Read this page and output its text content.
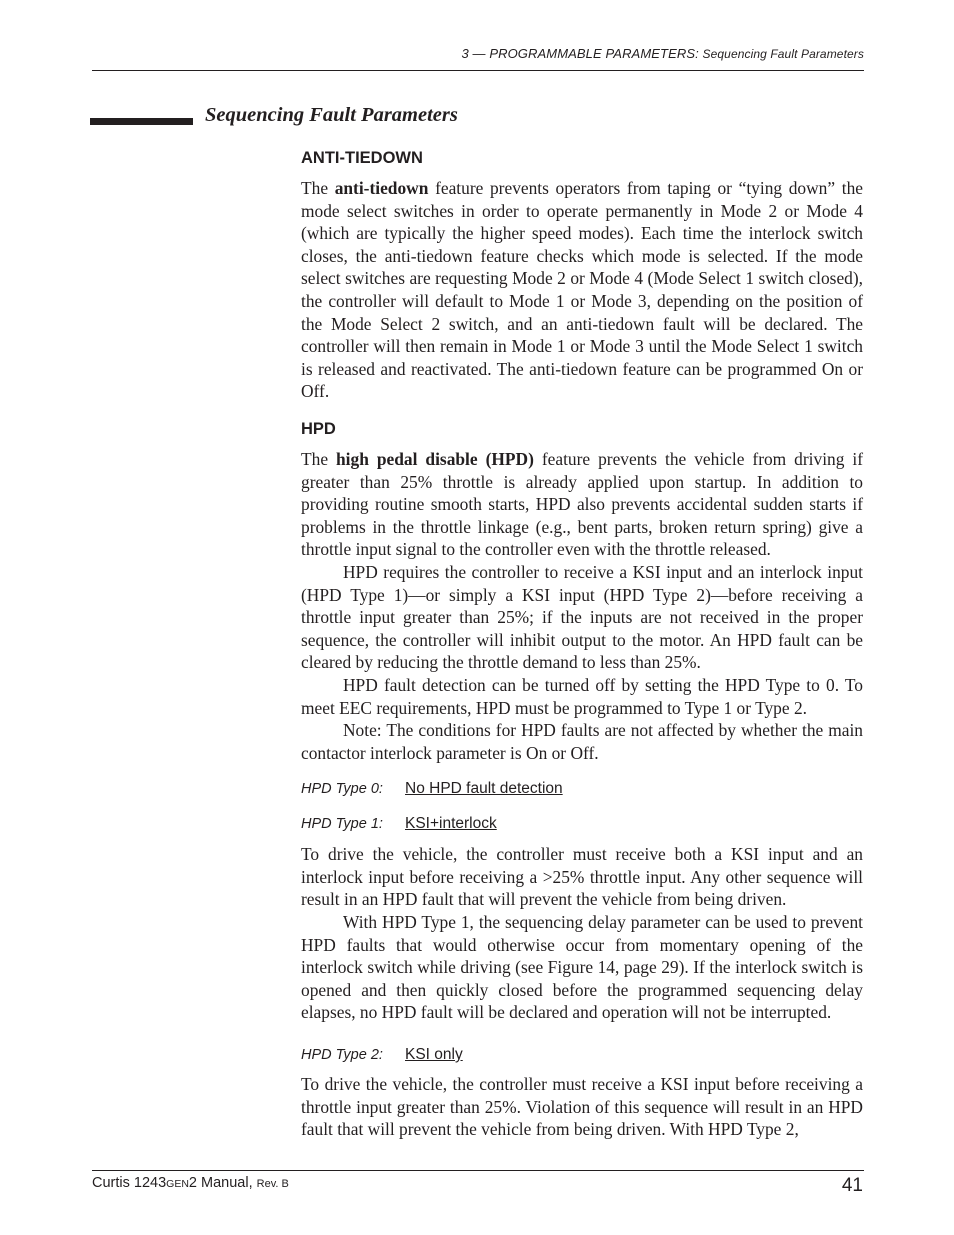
3 — PROGRAMMABLE PARAMETERS: Sequencing Fault Parameters
Sequencing Fault Parameters
ANTI-TIEDOWN

The anti-tiedown feature prevents operators from taping or “tying down” the mode select switches in order to operate permanently in Mode 2 or Mode 4 (which are typically the higher speed modes). Each time the interlock switch closes, the anti-tiedown feature checks which mode is selected. If the mode select switches are requesting Mode 2 or Mode 4 (Mode Select 1 switch closed), the controller will default to Mode 1 or Mode 3, depending on the position of the Mode Select 2 switch, and an anti-tiedown fault will be declared. The controller will then remain in Mode 1 or Mode 3 until the Mode Select 1 switch is released and reactivated. The anti-tiedown feature can be programmed On or Off.

HPD

The high pedal disable (HPD) feature prevents the vehicle from driving if greater than 25% throttle is already applied upon startup. In addition to providing routine smooth starts, HPD also prevents accidental sudden starts if problems in the throttle linkage (e.g., bent parts, broken return spring) give a throttle input signal to the controller even with the throttle released.

HPD requires the controller to receive a KSI input and an interlock input (HPD Type 1)—or simply a KSI input (HPD Type 2)—before receiving a throttle input greater than 25%; if the inputs are not received in the proper sequence, the controller will inhibit output to the motor. An HPD fault can be cleared by reducing the throttle demand to less than 25%.

HPD fault detection can be turned off by setting the HPD Type to 0. To meet EEC requirements, HPD must be programmed to Type 1 or Type 2.

Note: The conditions for HPD faults are not affected by whether the main contactor interlock parameter is On or Off.

HPD Type 0: No HPD fault detection
HPD Type 1: KSI+interlock

To drive the vehicle, the controller must receive both a KSI input and an interlock input before receiving a >25% throttle input. Any other sequence will result in an HPD fault that will prevent the vehicle from being driven.

With HPD Type 1, the sequencing delay parameter can be used to prevent HPD faults that would otherwise occur from momentary opening of the interlock switch while driving (see Figure 14, page 29). If the interlock switch is opened and then quickly closed before the programmed sequencing delay elapses, no HPD fault will be declared and operation will not be interrupted.

HPD Type 2: KSI only

To drive the vehicle, the controller must receive a KSI input before receiving a throttle input greater than 25%. Violation of this sequence will result in an HPD fault that will prevent the vehicle from being driven. With HPD Type 2,

Curtis 1243GEN2 Manual, Rev. B	41
